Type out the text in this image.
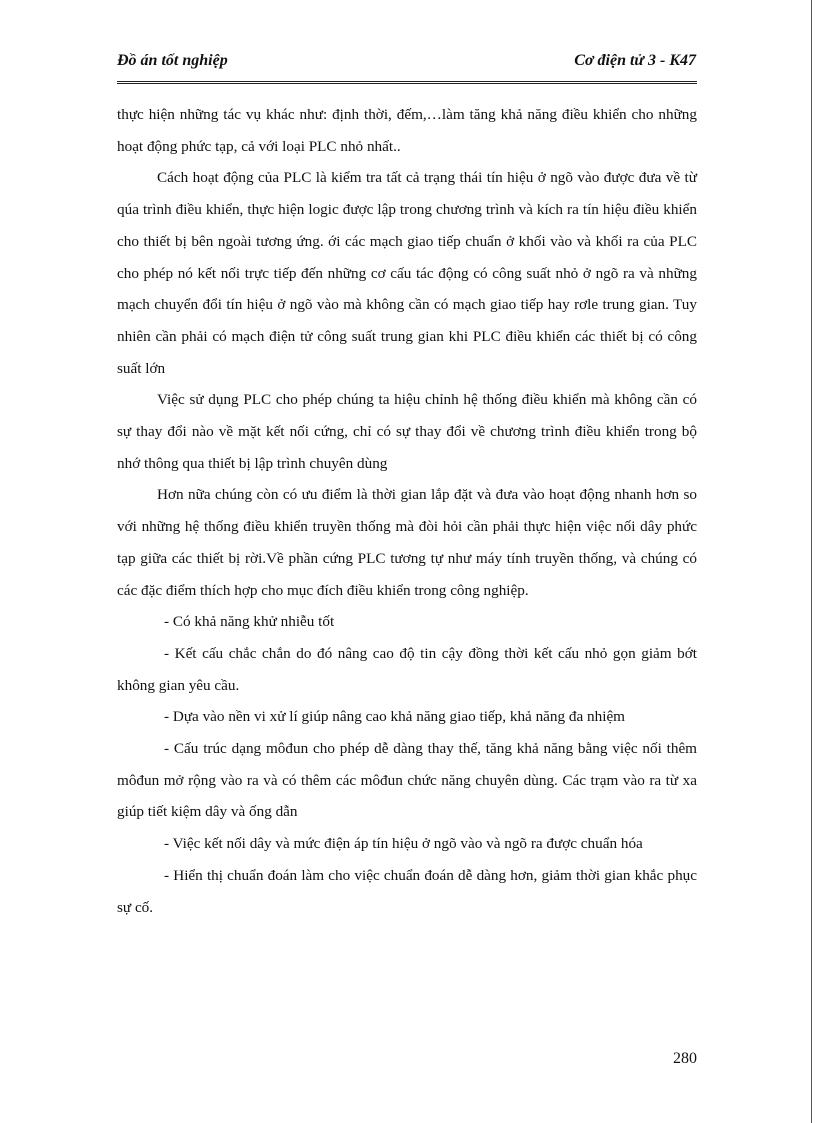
Đồ án tốt nghiệp	Cơ điện tử 3 - K47

thực hiện những tác vụ khác như: định thời, đếm,…làm tăng khả năng điều khiển cho những hoạt động phức tạp, cả với loại PLC nhỏ nhất..

Cách hoạt động của PLC là kiểm tra tất cả trạng thái tín hiệu ở ngõ vào được đưa về từ qúa trình điều khiển, thực hiện logic được lập trong chương trình và kích ra tín hiệu điều khiển cho thiết bị bên ngoài tương ứng. ới các mạch giao tiếp chuẩn ở khối vào và khối ra của PLC cho phép nó kết nối trực tiếp đến những cơ cấu tác động có công suất nhỏ ở ngõ ra và những mạch chuyển đổi tín hiệu ở ngõ vào mà không cần có mạch giao tiếp hay rơle trung gian. Tuy nhiên cần phải có mạch điện tử công suất trung gian khi PLC điều khiển các thiết bị có công suất lớn

Việc sử dụng PLC cho phép chúng ta hiệu chỉnh hệ thống điều khiển mà không cần có sự thay đổi nào về mặt kết nối cứng, chỉ có sự thay đổi về chương trình điều khiển trong bộ nhớ thông qua thiết bị lập trình chuyên dùng

Hơn nữa chúng còn có ưu điểm là thời gian lắp đặt và đưa vào hoạt động nhanh hơn so với những hệ thống điều khiển truyền thống mà đòi hỏi cần phải thực hiện việc nối dây phức tạp giữa các thiết bị rời.Về phần cứng PLC tương tự như máy tính truyền thống, và chúng có các đặc điểm thích hợp cho mục đích điều khiển trong công nghiệp.

- Có khả năng khử nhiễu tốt

- Kết cấu chắc chắn do đó nâng cao độ tin cậy đồng thời kết cấu nhỏ gọn giảm bớt không gian yêu cầu.

- Dựa vào nền vi xử lí giúp nâng cao khả năng giao tiếp, khả năng đa nhiệm

- Cấu trúc dạng môđun cho phép dễ dàng thay thế, tăng khả năng bằng việc nối thêm môđun mở rộng vào ra và có thêm các môđun chức năng chuyên dùng. Các trạm vào ra từ xa giúp tiết kiệm dây và ống dẫn

- Việc kết nối dây và mức điện áp tín hiệu ở ngõ vào và ngõ ra được chuẩn hóa

- Hiển thị chuẩn đoán làm cho việc chuẩn đoán dễ dàng hơn, giảm thời gian khắc phục sự cố.

280
